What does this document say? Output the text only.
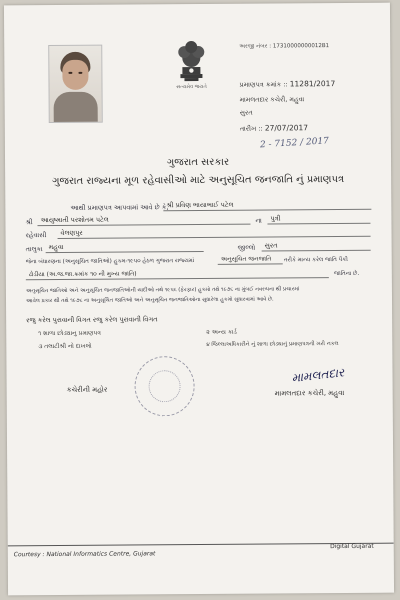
સત્યમેવ જયતે
અરજી નંબર : 17310000000012B1
પ્રમાણપત્ર ક્રમાંક :: 11281/2017
મામલતદાર કચેરી, મહુવા
સુરત
તારીખ :: 27/07/2017
2 - 7152 / 2017
ગુજરાત સરકાર
ગુજરાત રાજ્યના મૂળ રહેવાસીઓ માટે અનુસૂચિત જનજાતિ નું પ્રમાણપત્ર
આથી પ્રમાણપત્ર આપવામાં આવે છે કે,
શ્રી પ્રવિણ ભાયાભાઈ પટેલ
શ્રી	આયુષ્માતી પરશોતમ પટેલ	ના	પુત્રી
રહેવાસી	વેલણપુર
તાલુકા મહુવા	જીલ્લો	સુરત
જેના બંધારણના (અનુસૂચિત જાતિઓ) હુકમ-૧૯૫૦ હેઠળ ગુજરાત રાજ્યમાં	અનુસૂચિત જનજાતિ	તરીકે માન્ય કરેલ જાતિ પૈકી
ઢોડીયા (અ.જ.જા.ક્રમાંક ૧૦ ની મુખ્ય જાતિ)	જાતિના છે.
અનુસૂચિત જાતિઓ અને અનુસૂચિત જનજાતિઓની યાદીઓ તથે ૧૯૫૬ (ફેરફાર) હુકમો તથે ૧૯૭૬ ના મુંબઈ નવરચના થી પ્રચારમાં
આવેલ પ્રકાર થી તથે ૧૯૭૬ ના અનુસૂચિત જાતિઓ અને અનુસૂચિત જનજાતિઓના સુધારેલા હુકમો સુધારવામાં આવે છે.
રજુ કરેલ પુરાવાની વિગત રજુ કરેલ પુરાવાની વિગત
૧ શાળા છોડ્યાનુ પ્રમાણપત્ર	૨ અન્ય કાર્ડ
૩ તલાટીશ્રી નો દાખલો	૪ જિલ્લાઅધિકારીને નું શાળા છોડ્યાનું પ્રમાણપત્રની ખરી નકલ
કચેરીની મહોર
મામલતદાર
મામલતદાર કચેરી, મહુવા
Courtesy : National Informatics Centre, Gujarat
Digital Gujarat
